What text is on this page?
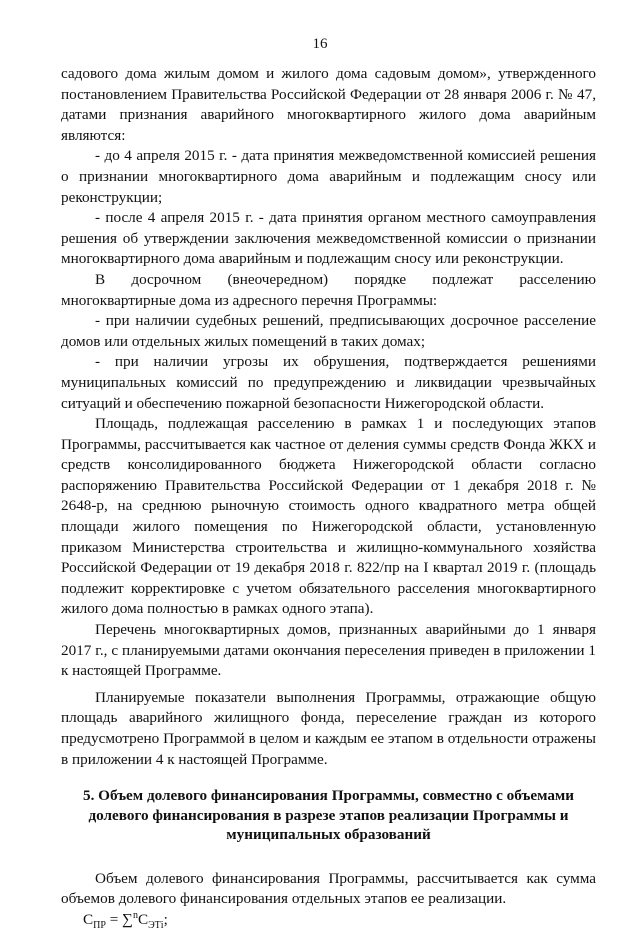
16

садового дома жилым домом и жилого дома садовым домом», утвержденного постановлением Правительства Российской Федерации от 28 января 2006 г. № 47, датами признания аварийного многоквартирного жилого дома аварийным являются:

- до 4 апреля 2015 г. - дата принятия межведомственной комиссией решения о признании многоквартирного дома аварийным и подлежащим сносу или реконструкции;

- после 4 апреля 2015 г. - дата принятия органом местного самоуправления решения об утверждении заключения межведомственной комиссии о признании многоквартирного дома аварийным и подлежащим сносу или реконструкции.

В досрочном (внеочередном) порядке подлежат расселению многоквартирные дома из адресного перечня Программы:

- при наличии судебных решений, предписывающих досрочное расселение домов или отдельных жилых помещений в таких домах;

- при наличии угрозы их обрушения, подтверждается решениями муниципальных комиссий по предупреждению и ликвидации чрезвычайных ситуаций и обеспечению пожарной безопасности Нижегородской области.

Площадь, подлежащая расселению в рамках 1 и последующих этапов Программы, рассчитывается как частное от деления суммы средств Фонда ЖКХ и средств консолидированного бюджета Нижегородской области согласно распоряжению Правительства Российской Федерации от 1 декабря 2018 г. № 2648-р, на среднюю рыночную стоимость одного квадратного метра общей площади жилого помещения по Нижегородской области, установленную приказом Министерства строительства и жилищно-коммунального хозяйства Российской Федерации от 19 декабря 2018 г. 822/пр на I квартал 2019 г. (площадь подлежит корректировке с учетом обязательного расселения многоквартирного жилого дома полностью в рамках одного этапа).

Перечень многоквартирных домов, признанных аварийными до 1 января 2017 г., с планируемыми датами окончания переселения приведен в приложении 1 к настоящей Программе.

Планируемые показатели выполнения Программы, отражающие общую площадь аварийного жилищного фонда, переселение граждан из которого предусмотрено Программой в целом и каждым ее этапом в отдельности отражены в приложении 4 к настоящей Программе.

5. Объем долевого финансирования Программы, совместно с объемами долевого финансирования в разрезе этапов реализации Программы и муниципальных образований

Объем долевого финансирования Программы, рассчитывается как сумма объемов долевого финансирования отдельных этапов ее реализации.

$С_{ПР} = \sum^nС_{ЭТi}$;
